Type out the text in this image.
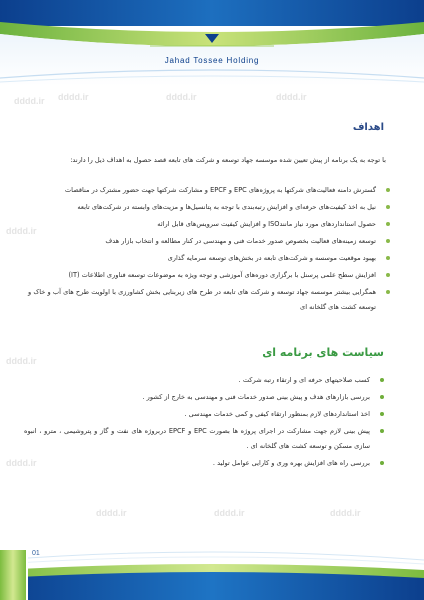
Jahad Tossee Holding
dddd.ir	dddd.ir	dddd.ir
dddd.ir
dddd.ir
dddd.ir
dddd.ir
dddd.ir	dddd.ir	dddd.ir
اهداف
با توجه به یک برنامه از پیش تعیین شده موسسه جهاد توسعه و شرکت های تابعه قصد حصول به اهداف ذیل را دارند:
گسترش دامنه فعالیت‌های شرکتها به پروژه‌های EPC و EPCF و مشارکت شرکتها جهت حضور مشترک در مناقصات
نیل به اخذ کیفیت‌های حرفه‌ای و افزایش رتبه‌بندی با توجه به پتانسیل‌ها و مزیت‌های وابسته در شرکت‌های تابعه
حصول استانداردهای مورد نیاز مانندISO و افزایش کیفیت سرویس‌های قابل ارائه
توسعه زمینه‌های فعالیت بخصوص صدور خدمات فنی و مهندسی در کنار مطالعه و انتخاب بازار هدف
بهبود موقعیت موسسه و شرکت‌های تابعه در بخش‌های توسعه سرمایه گذاری
افزایش سطح علمی پرسنل با برگزاری دوره‌های آموزشی و توجه ویژه به موضوعات توسعه فناوری اطلاعات (IT)
همگرایی بیشتر موسسه جهاد توسعه و شرکت های تابعه در طرح های زیربنایی بخش کشاورزی با اولویت طرح های آب و خاک و توسعه کشت های گلخانه ای
سیاست های برنامه ای
کسب صلاحیتهای حرفه ای و ارتقاء رتبه شرکت .
بررسی بازارهای هدف و پیش بینی صدور خدمات فنی و مهندسی به خارج از کشور .
اخذ استانداردهای لازم بمنظور ارتقاء کیفی و کمی خدمات مهندسی .
پیش بینی لازم جهت مشارکت در اجرای پروژه ها بصورت EPC و EPCF دربروژه های نفت و گاز و پتروشیمی ، مترو ، انبوه سازی مسکن و توسعه کشت های گلخانه ای .
بررسی راه های افزایش بهره وری و کارایی عوامل تولید .
01
